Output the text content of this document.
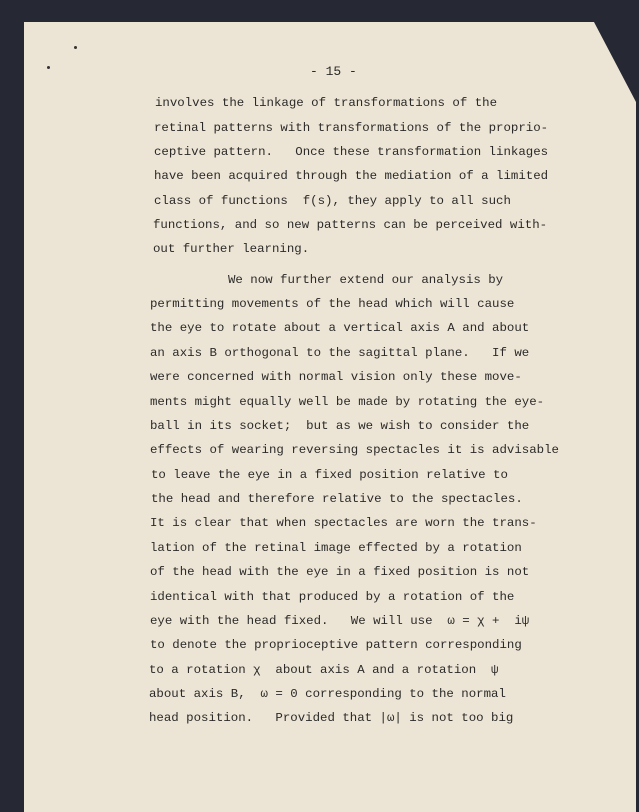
- 15 -
involves the linkage of transformations of the
retinal patterns with transformations of the proprio-
ceptive pattern.   Once these transformation linkages
have been acquired through the mediation of a limited
class of functions  f(s), they apply to all such
functions, and so new patterns can be perceived with-
out further learning.
We now further extend our analysis by
permitting movements of the head which will cause
the eye to rotate about a vertical axis A and about
an axis B orthogonal to the sagittal plane.   If we
were concerned with normal vision only these move-
ments might equally well be made by rotating the eye-
ball in its socket;  but as we wish to consider the
effects of wearing reversing spectacles it is advisable
to leave the eye in a fixed position relative to
the head and therefore relative to the spectacles.
It is clear that when spectacles are worn the trans-
lation of the retinal image effected by a rotation
of the head with the eye in a fixed position is not
identical with that produced by a rotation of the
eye with the head fixed.   We will use  ω = χ +  iψ
to denote the proprioceptive pattern corresponding
to a rotation χ  about axis A and a rotation  ψ
about axis B,  ω = 0 corresponding to the normal
head position.   Provided that |ω| is not too big
